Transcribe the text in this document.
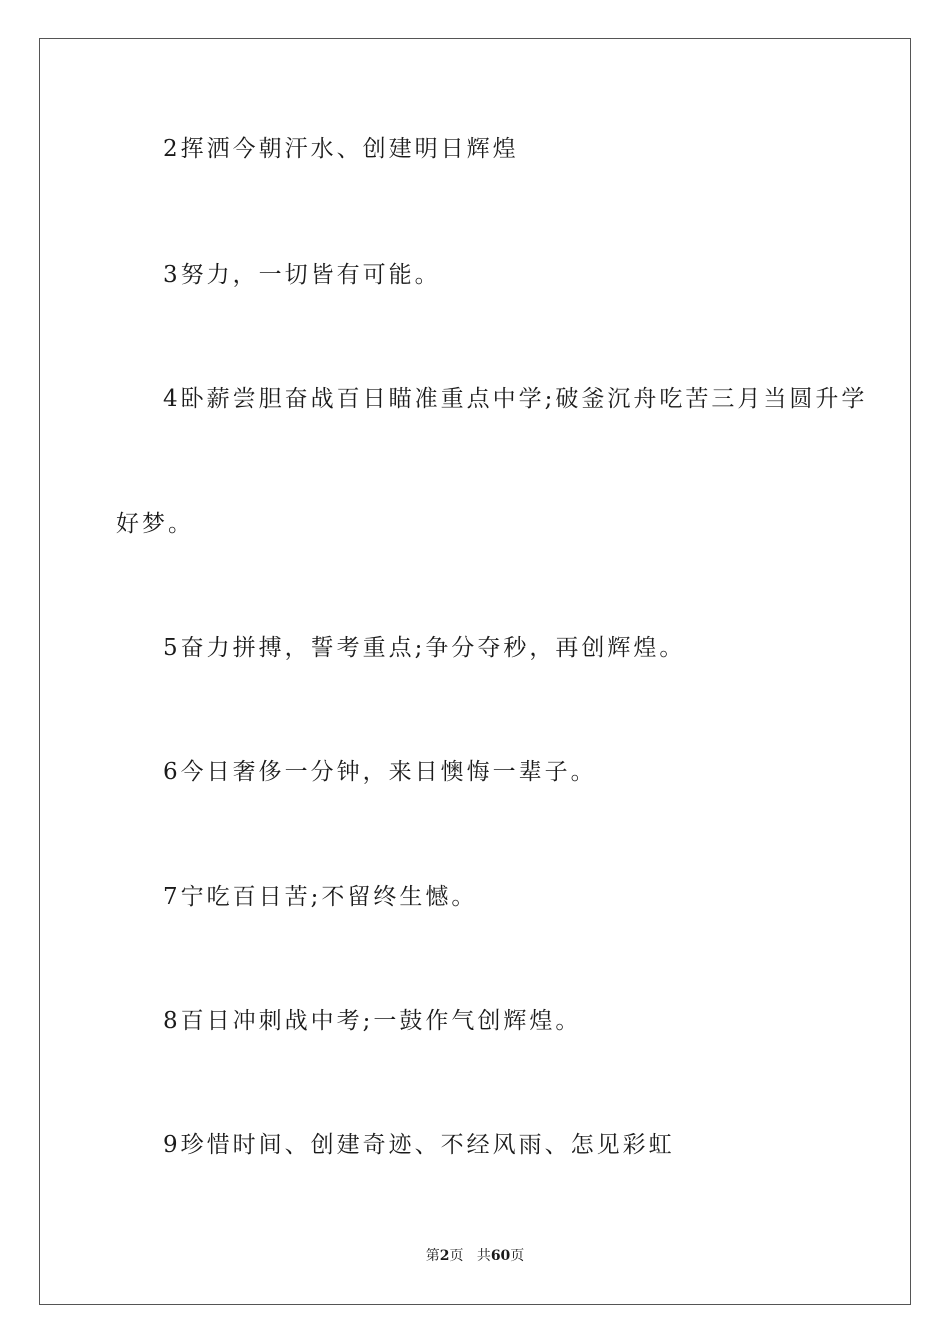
2挥洒今朝汗水、创建明日辉煌
3努力，一切皆有可能。
4卧薪尝胆奋战百日瞄准重点中学;破釜沉舟吃苦三月当圆升学
好梦。
5奋力拼搏，誓考重点;争分夺秒，再创辉煌。
6今日奢侈一分钟，来日懊悔一辈子。
7宁吃百日苦;不留终生憾。
8百日冲刺战中考;一鼓作气创辉煌。
9珍惜时间、创建奇迹、不经风雨、怎见彩虹
第2页 共60页
